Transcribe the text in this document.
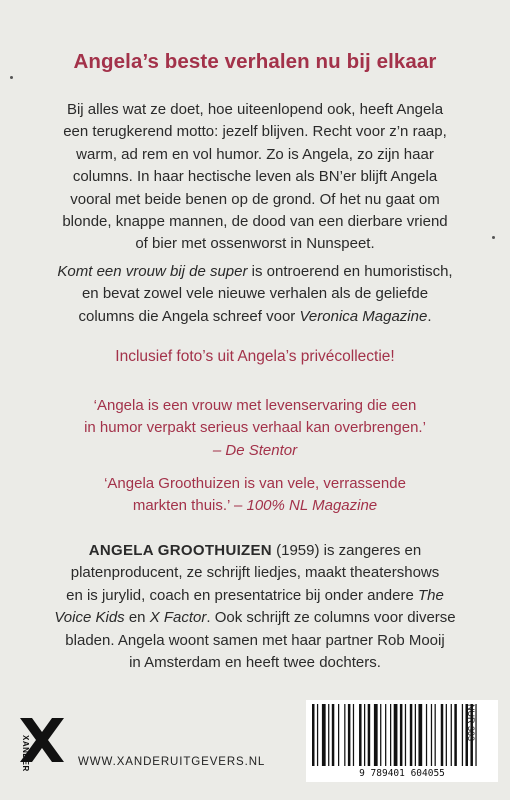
Angela’s beste verhalen nu bij elkaar
Bij alles wat ze doet, hoe uiteenlopend ook, heeft Angela
een terugkerend motto: jezelf blijven. Recht voor z’n raap,
warm, ad rem en vol humor. Zo is Angela, zo zijn haar
columns. In haar hectische leven als BN’er blijft Angela
vooral met beide benen op de grond. Of het nu gaat om
blonde, knappe mannen, de dood van een dierbare vriend
of bier met ossenworst in Nunspeet.
Komt een vrouw bij de super is ontroerend en humoristisch,
en bevat zowel vele nieuwe verhalen als de geliefde
columns die Angela schreef voor Veronica Magazine.
Inclusief foto’s uit Angela’s privécollectie!
‘Angela is een vrouw met levenservaring die een
in humor verpakt serieus verhaal kan overbrengen.’
– De Stentor
‘Angela Groothuizen is van vele, verrassende
markten thuis.’ – 100% NL Magazine
ANGELA GROOTHUIZEN (1959) is zangeres en
platenproducent, ze schrijft liedjes, maakt theatershows
en is jurylid, coach en presentatrice bij onder andere The
Voice Kids en X Factor. Ook schrijft ze columns voor diverse
bladen. Angela woont samen met haar partner Rob Mooij
in Amsterdam en heeft twee dochters.
XANDER	WWW.XANDERUITGEVERS.NL
9 789401 604055
NUR 303
